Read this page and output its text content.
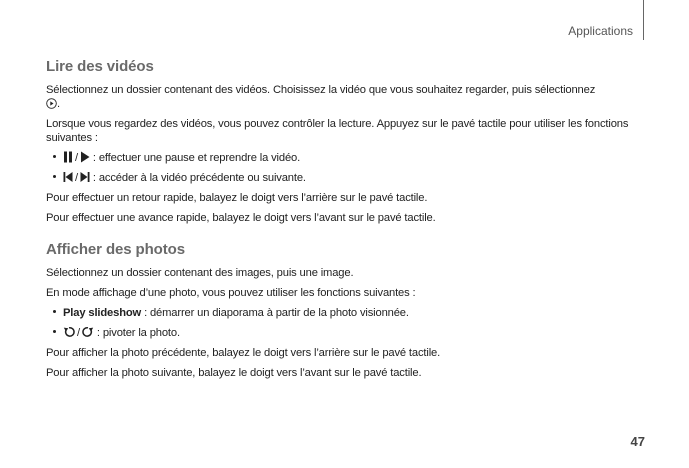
Applications
Lire des vidéos

Sélectionnez un dossier contenant des vidéos. Choisissez la vidéo que vous souhaitez regarder, puis sélectionnez

.

Lorsque vous regardez des vidéos, vous pouvez contrôler la lecture. Appuyez sur le pavé tactile pour utiliser les fonctions suivantes :

/
: effectuer une pause et reprendre la vidéo.

/
: accéder à la vidéo précédente ou suivante.

Pour effectuer un retour rapide, balayez le doigt vers l’arrière sur le pavé tactile.

Pour effectuer une avance rapide, balayez le doigt vers l’avant sur le pavé tactile.

Afficher des photos

Sélectionnez un dossier contenant des images, puis une image.

En mode affichage d’une photo, vous pouvez utiliser les fonctions suivantes :

Play slideshow : démarrer un diaporama à partir de la photo visionnée.

/
: pivoter la photo.

Pour afficher la photo précédente, balayez le doigt vers l’arrière sur le pavé tactile.

Pour afficher la photo suivante, balayez le doigt vers l’avant sur le pavé tactile.

47
